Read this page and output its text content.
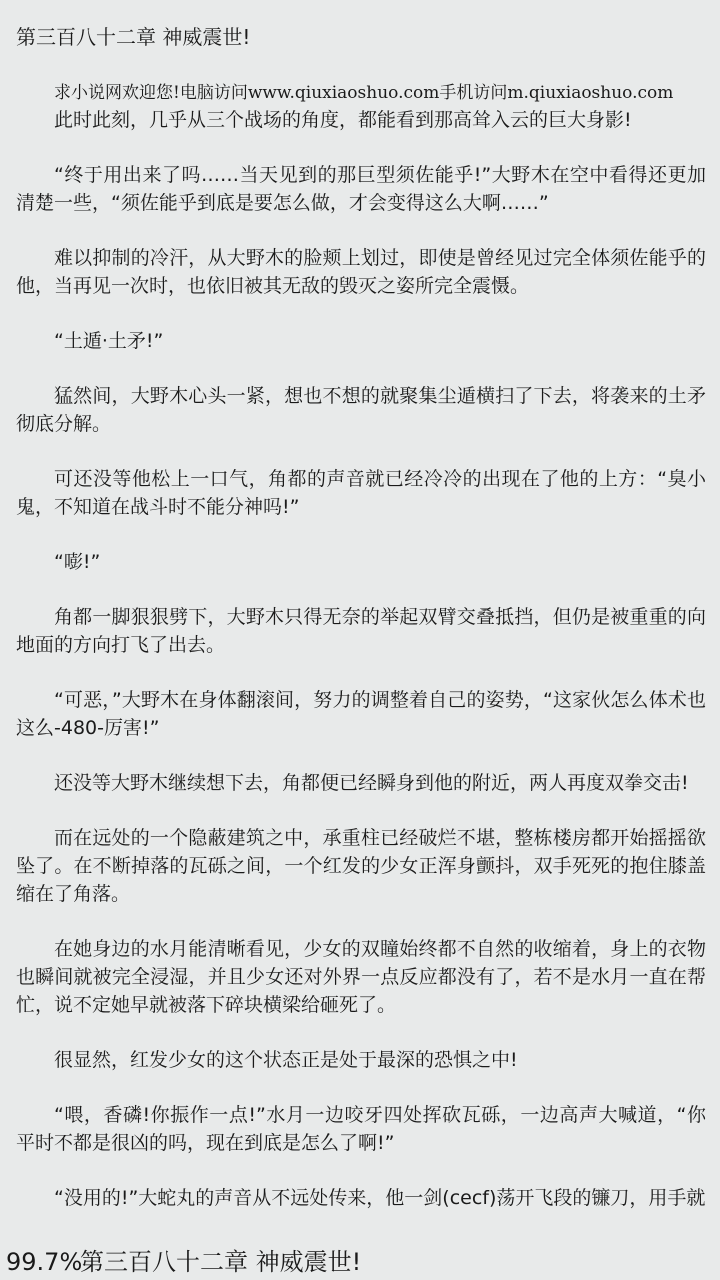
第三百八十二章 神威震世!
求小说网欢迎您!电脑访问www.qiuxiaoshuo.com手机访问m.qiuxiaoshuo.com

此时此刻，几乎从三个战场的角度，都能看到那高耸入云的巨大身影!

“终于用出来了吗……当天见到的那巨型须佐能乎!”大野木在空中看得还更加清楚一些，“须佐能乎到底是要怎么做，才会变得这么大啊……”

难以抑制的冷汗，从大野木的脸颊上划过，即使是曾经见过完全体须佐能乎的他，当再见一次时，也依旧被其无敌的毁灭之姿所完全震慑。

“土遁·土矛!”

猛然间，大野木心头一紧，想也不想的就聚集尘遁横扫了下去，将袭来的土矛彻底分解。

可还没等他松上一口气，角都的声音就已经冷冷的出现在了他的上方：“臭小鬼，不知道在战斗时不能分神吗!”

“嘭!”

角都一脚狠狠劈下，大野木只得无奈的举起双臂交叠抵挡，但仍是被重重的向地面的方向打飞了出去。

“可恶，”大野木在身体翻滚间，努力的调整着自己的姿势，“这家伙怎么体术也这么-480-厉害!”

还没等大野木继续想下去，角都便已经瞬身到他的附近，两人再度双拳交击!

而在远处的一个隐蔽建筑之中，承重柱已经破烂不堪，整栋楼房都开始摇摇欲坠了。在不断掉落的瓦砾之间，一个红发的少女正浑身颤抖，双手死死的抱住膝盖缩在了角落。

在她身边的水月能清晰看见，少女的双瞳始终都不自然的收缩着，身上的衣物也瞬间就被完全浸湿，并且少女还对外界一点反应都没有了，若不是水月一直在帮忙，说不定她早就被落下碎块横梁给砸死了。

很显然，红发少女的这个状态正是处于最深的恐惧之中!

“喂，香磷!你振作一点!”水月一边咬牙四处挥砍瓦砾，一边高声大喊道，“你平时不都是很凶的吗，现在到底是怎么了啊!”

“没用的!”大蛇丸的声音从不远处传来，他一剑(cecf)荡开飞段的镰刀，用手就

99.7%
第三百八十二章 神威震世!
